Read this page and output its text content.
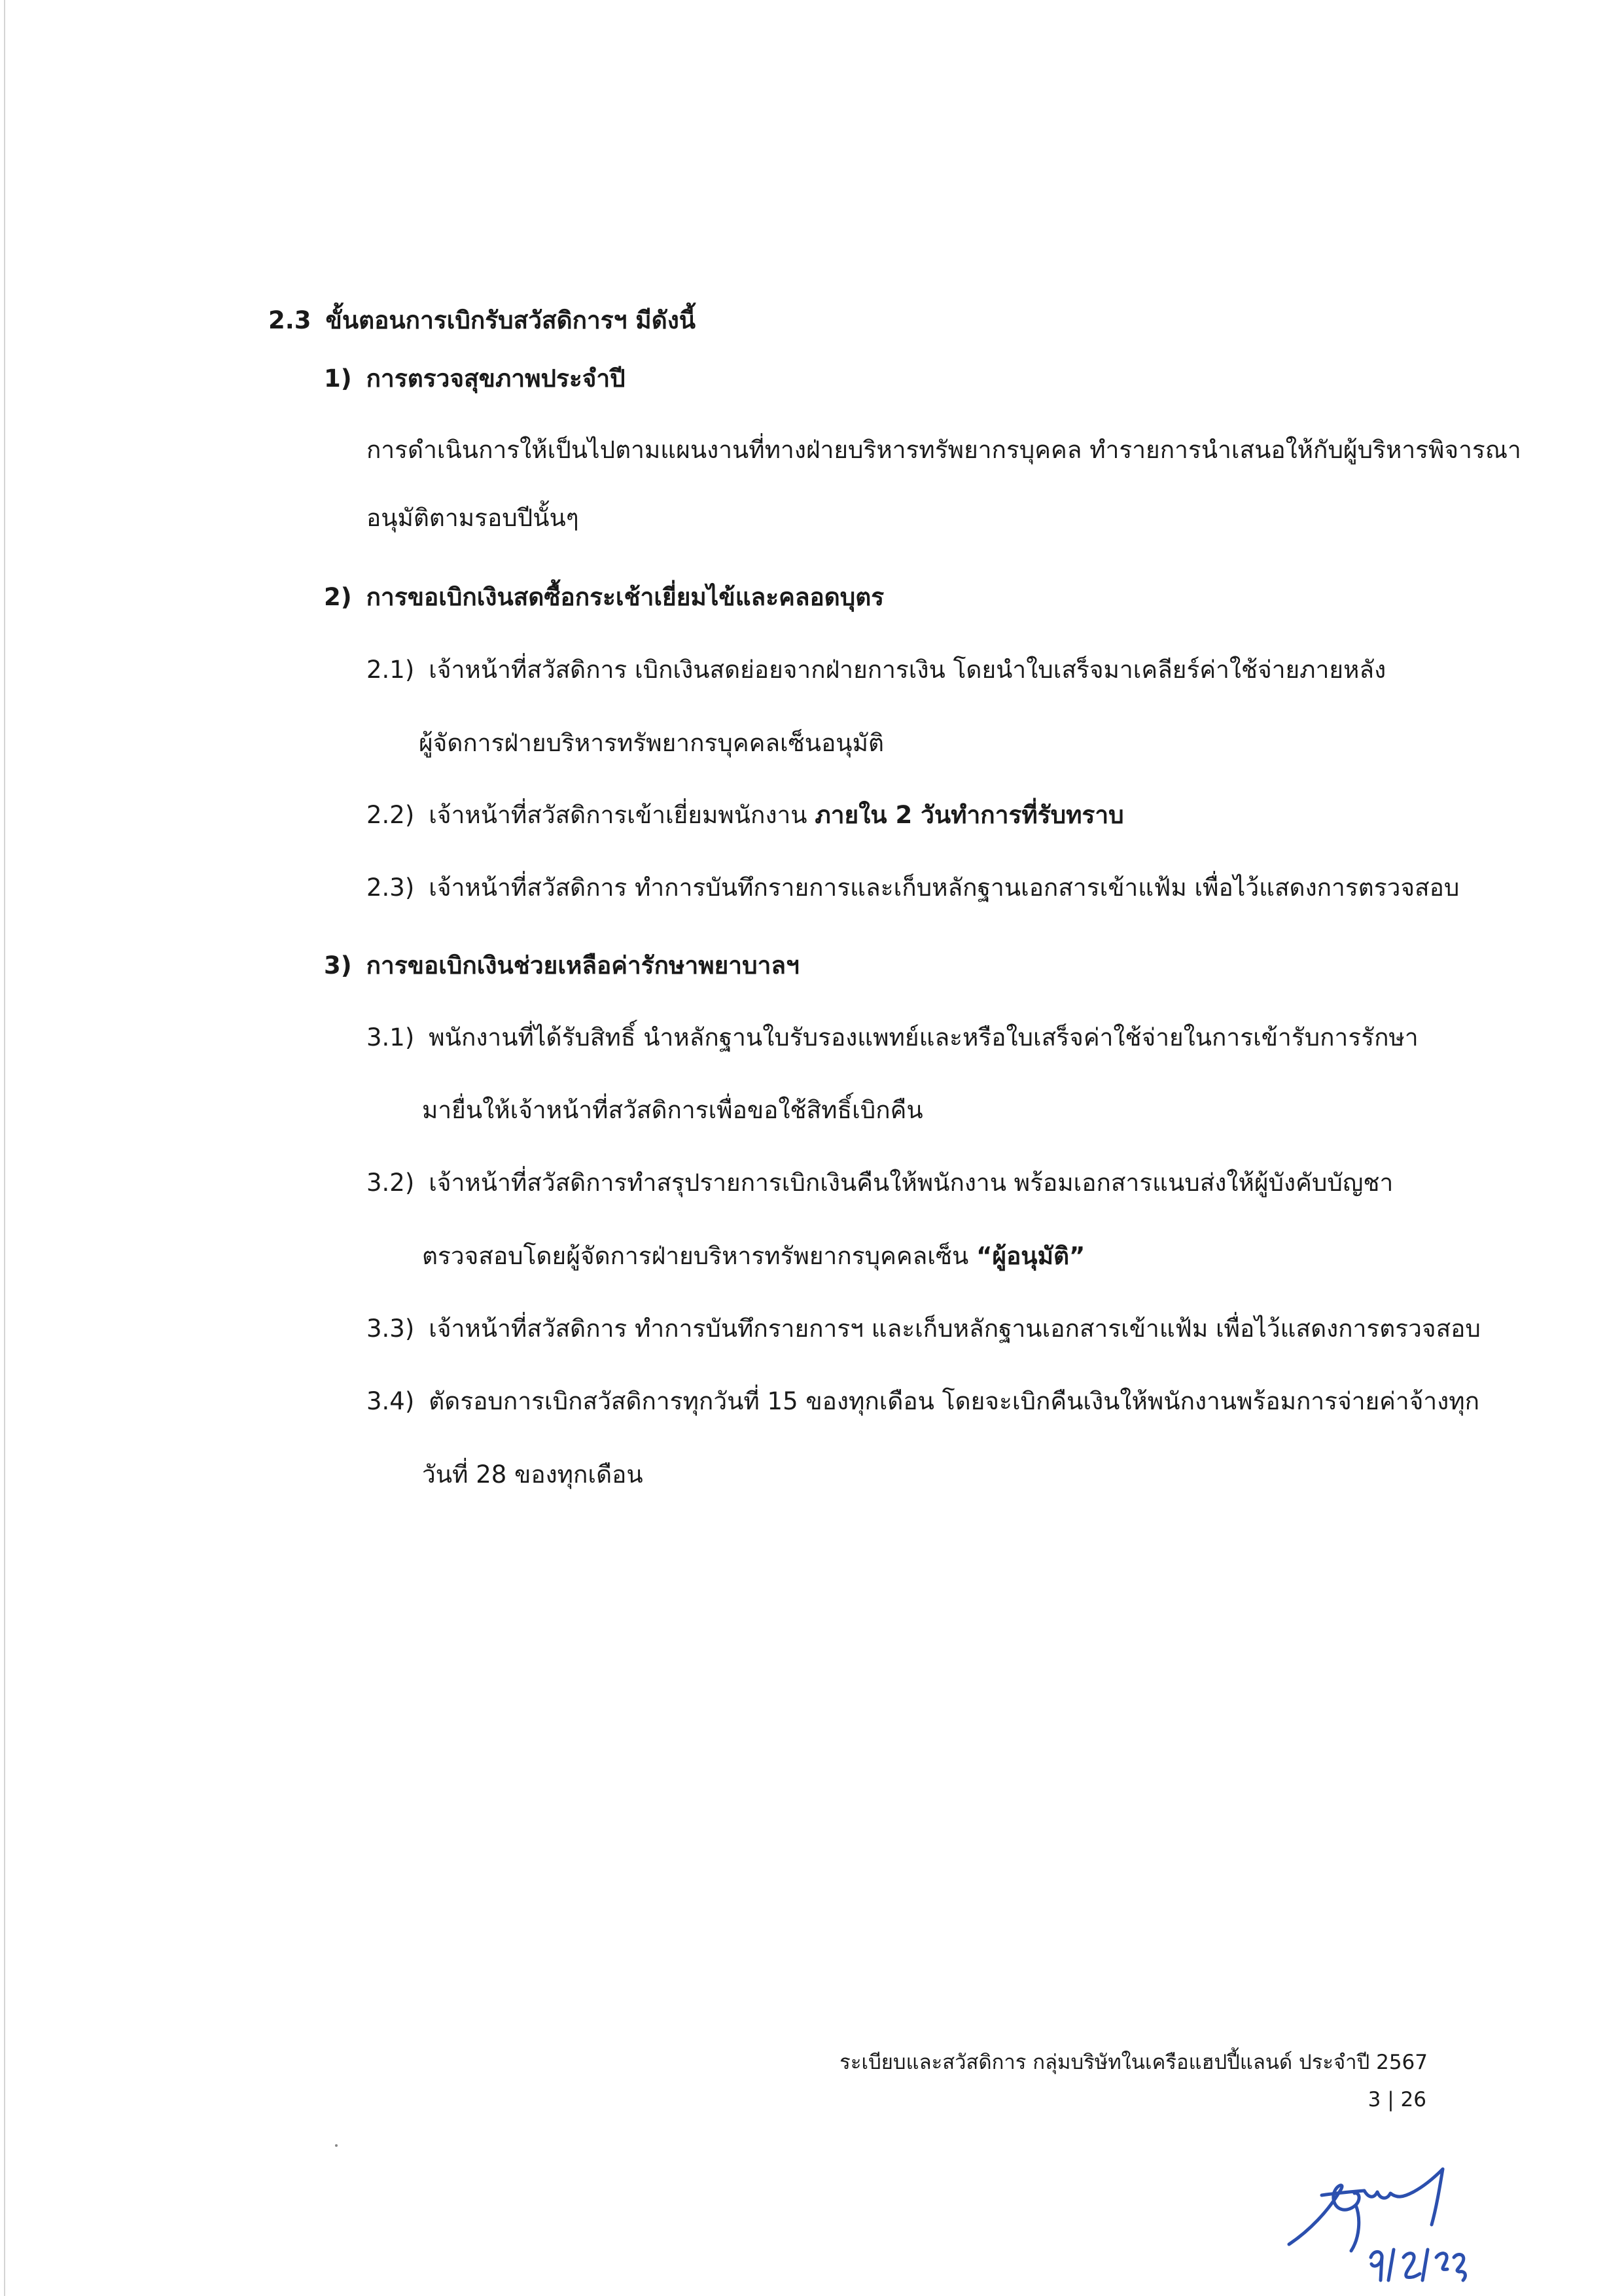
2.3 ขั้นตอนการเบิกรับสวัสดิการฯ มีดังนี้
1) การตรวจสุขภาพประจำปี
การดำเนินการให้เป็นไปตามแผนงานที่ทางฝ่ายบริหารทรัพยากรบุคคล ทำรายการนำเสนอให้กับผู้บริหารพิจารณา
อนุมัติตามรอบปีนั้นๆ
2) การขอเบิกเงินสดซื้อกระเช้าเยี่ยมไข้และคลอดบุตร
2.1) เจ้าหน้าที่สวัสดิการ เบิกเงินสดย่อยจากฝ่ายการเงิน โดยนำใบเสร็จมาเคลียร์ค่าใช้จ่ายภายหลัง
ผู้จัดการฝ่ายบริหารทรัพยากรบุคคลเซ็นอนุมัติ
2.2) เจ้าหน้าที่สวัสดิการเข้าเยี่ยมพนักงาน ภายใน 2 วันทำการที่รับทราบ
2.3) เจ้าหน้าที่สวัสดิการ ทำการบันทึกรายการและเก็บหลักฐานเอกสารเข้าแฟ้ม เพื่อไว้แสดงการตรวจสอบ
3) การขอเบิกเงินช่วยเหลือค่ารักษาพยาบาลฯ
3.1) พนักงานที่ได้รับสิทธิ์ นำหลักฐานใบรับรองแพทย์และหรือใบเสร็จค่าใช้จ่ายในการเข้ารับการรักษา
มายื่นให้เจ้าหน้าที่สวัสดิการเพื่อขอใช้สิทธิ์เบิกคืน
3.2) เจ้าหน้าที่สวัสดิการทำสรุปรายการเบิกเงินคืนให้พนักงาน พร้อมเอกสารแนบส่งให้ผู้บังคับบัญชา
ตรวจสอบโดยผู้จัดการฝ่ายบริหารทรัพยากรบุคคลเซ็น “ผู้อนุมัติ”
3.3) เจ้าหน้าที่สวัสดิการ ทำการบันทึกรายการฯ และเก็บหลักฐานเอกสารเข้าแฟ้ม เพื่อไว้แสดงการตรวจสอบ
3.4) ตัดรอบการเบิกสวัสดิการทุกวันที่ 15 ของทุกเดือน โดยจะเบิกคืนเงินให้พนักงานพร้อมการจ่ายค่าจ้างทุก
วันที่ 28 ของทุกเดือน
ระเบียบและสวัสดิการ กลุ่มบริษัทในเครือแฮปปี้แลนด์ ประจำปี 2567
3 | 26
